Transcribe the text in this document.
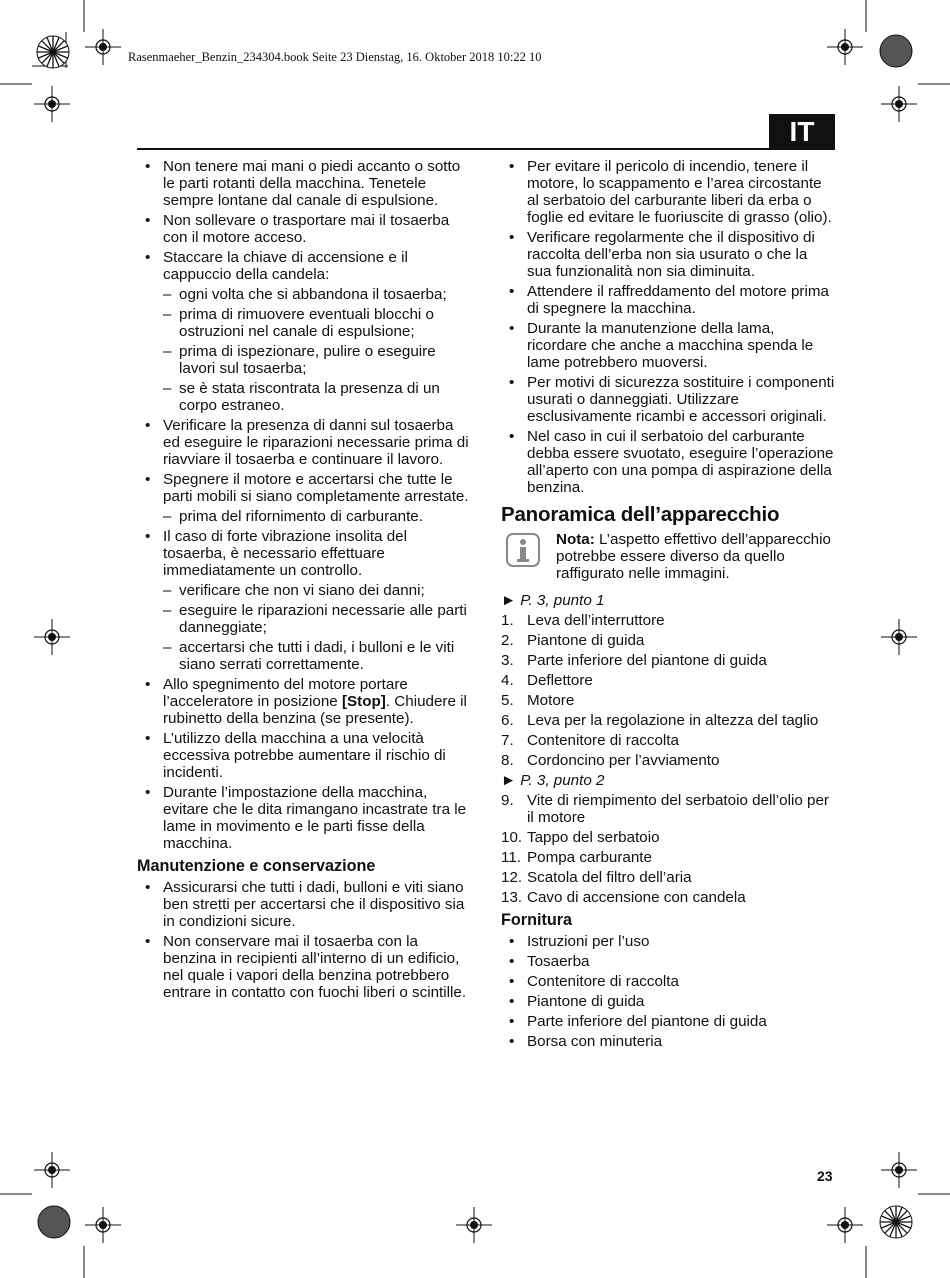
Rasenmaeher_Benzin_234304.book Seite 23 Dienstag, 16. Oktober 2018 10:22 10
IT
• Non tenere mai mani o piedi accanto o sotto le parti rotanti della macchina. Tenetele sempre lontane dal canale di espulsione.
• Non sollevare o trasportare mai il tosaerba con il motore acceso.
• Staccare la chiave di accensione e il cappuccio della candela:
– ogni volta che si abbandona il tosaerba;
– prima di rimuovere eventuali blocchi o ostruzioni nel canale di espulsione;
– prima di ispezionare, pulire o eseguire lavori sul tosaerba;
– se è stata riscontrata la presenza di un corpo estraneo.
• Verificare la presenza di danni sul tosaerba ed eseguire le riparazioni necessarie prima di riavviare il tosaerba e continuare il lavoro.
• Spegnere il motore e accertarsi che tutte le parti mobili si siano completamente arrestate.
– prima del rifornimento di carburante.
• Il caso di forte vibrazione insolita del tosaerba, è necessario effettuare immediatamente un controllo.
– verificare che non vi siano dei danni;
– eseguire le riparazioni necessarie alle parti danneggiate;
– accertarsi che tutti i dadi, i bulloni e le viti siano serrati correttamente.
• Allo spegnimento del motore portare l’acceleratore in posizione [Stop]. Chiudere il rubinetto della benzina (se presente).
• L’utilizzo della macchina a una velocità eccessiva potrebbe aumentare il rischio di incidenti.
• Durante l’impostazione della macchina, evitare che le dita rimangano incastrate tra le lame in movimento e le parti fisse della macchina.
Manutenzione e conservazione
• Assicurarsi che tutti i dadi, bulloni e viti siano ben stretti per accertarsi che il dispositivo sia in condizioni sicure.
• Non conservare mai il tosaerba con la benzina in recipienti all’interno di un edificio, nel quale i vapori della benzina potrebbero entrare in contatto con fuochi liberi o scintille.
• Per evitare il pericolo di incendio, tenere il motore, lo scappamento e l’area circostante al serbatoio del carburante liberi da erba o foglie ed evitare le fuoriuscite di grasso (olio).
• Verificare regolarmente che il dispositivo di raccolta dell’erba non sia usurato o che la sua funzionalità non sia diminuita.
• Attendere il raffreddamento del motore prima di spegnere la macchina.
• Durante la manutenzione della lama, ricordare che anche a macchina spenda le lame potrebbero muoversi.
• Per motivi di sicurezza sostituire i componenti usurati o danneggiati. Utilizzare esclusivamente ricambi e accessori originali.
• Nel caso in cui il serbatoio del carburante debba essere svuotato, eseguire l’operazione all’aperto con una pompa di aspirazione della benzina.
Panoramica dell’apparecchio
Nota: L’aspetto effettivo dell’apparecchio potrebbe essere diverso da quello raffigurato nelle immagini.
► P. 3, punto 1
1. Leva dell’interruttore
2. Piantone di guida
3. Parte inferiore del piantone di guida
4. Deflettore
5. Motore
6. Leva per la regolazione in altezza del taglio
7. Contenitore di raccolta
8. Cordoncino per l’avviamento
► P. 3, punto 2
9. Vite di riempimento del serbatoio dell’olio per il motore
10. Tappo del serbatoio
11. Pompa carburante
12. Scatola del filtro dell’aria
13. Cavo di accensione con candela
Fornitura
• Istruzioni per l’uso
• Tosaerba
• Contenitore di raccolta
• Piantone di guida
• Parte inferiore del piantone di guida
• Borsa con minuteria
23
